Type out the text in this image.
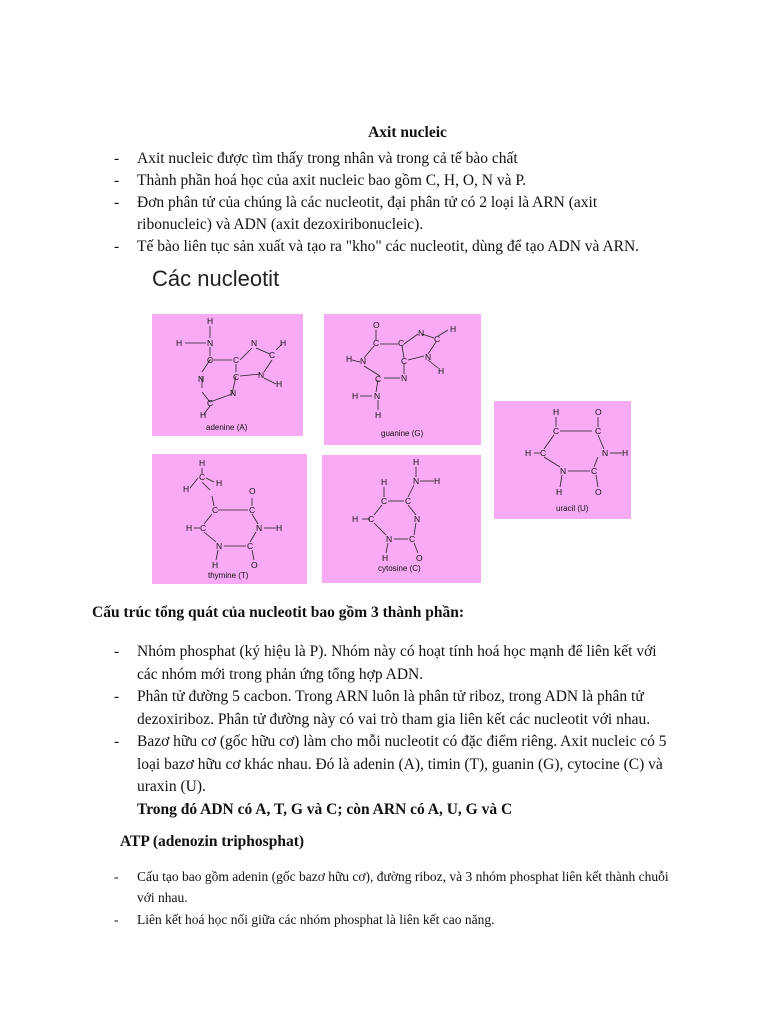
Axit nucleic
- Axit nucleic được tìm thấy trong nhân và trong cả tế bào chất
- Thành phần hoá học của axit nucleic bao gồm C, H, O, N và P.
- Đơn phân tử của chúng là các nucleotit, đại phân tử có 2 loại là ARN (axit ribonucleic) và ADN (axit dezoxiribonucleic).
- Tế bào liên tục sản xuất và tạo ra "kho" các nucleotit, dùng để tạo ADN và ARN.
Các nucleotit
H
H	N
C
N
C
C
N
C
H
N
H
C
N
H
adenine (A)
O
C C
N
C
H
N
H
C
N
N
H
C
N
H
H
guanine (G)
H	O
C	C
H C	N H
N	C
H	O
uracil (U)
H
C
H
H
O
C	C
H C	N H
N	C
H	O
thymine (T)
H
N H
H
C C
H C	N
N C
H	O
cytosine (C)
Cấu trúc tổng quát của nucleotit bao gồm 3 thành phần:
- Nhóm phosphat (ký hiệu là P). Nhóm này có hoạt tính hoá học mạnh để liên kết với các nhóm mới trong phản ứng tổng hợp ADN.
- Phân tử đường 5 cacbon. Trong ARN luôn là phân tử riboz, trong ADN là phân tử dezoxiriboz. Phân tử đường này có vai trò tham gia liên kết các nucleotit với nhau.
- Bazơ hữu cơ (gốc hữu cơ) làm cho mỗi nucleotit có đặc điểm riêng. Axit nucleic có 5 loại bazơ hữu cơ khác nhau. Đó là adenin (A), timin (T), guanin (G), cytocine (C) và uraxin (U).
Trong đó ADN có A, T, G và C; còn ARN có A, U, G và C
ATP (adenozin triphosphat)
- Cấu tạo bao gồm adenin (gốc bazơ hữu cơ), đường riboz, và 3 nhóm phosphat liên kết thành chuỗi với nhau.
- Liên kết hoá học nối giữa các nhóm phosphat là liên kết cao năng.
